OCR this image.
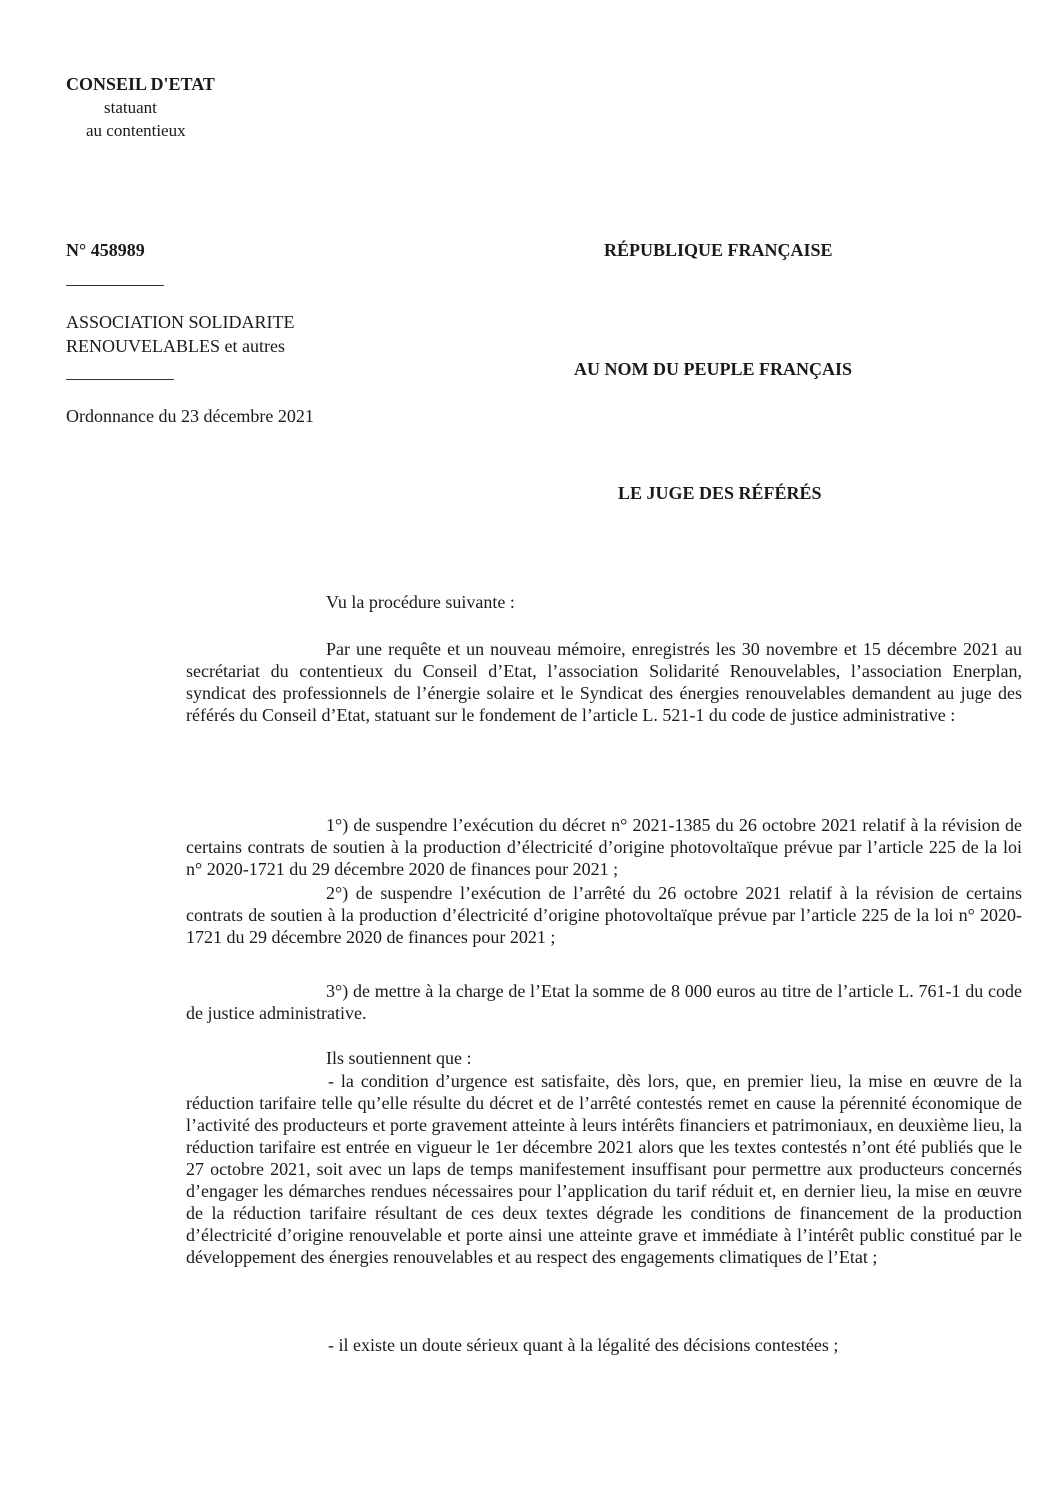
CONSEIL D'ETAT
statuant
au contentieux
N° 458989
ASSOCIATION SOLIDARITE
RENOUVELABLES et autres
Ordonnance du 23 décembre 2021
RÉPUBLIQUE FRANÇAISE
AU NOM DU PEUPLE FRANÇAIS
LE JUGE DES RÉFÉRÉS
Vu la procédure suivante :

Par une requête et un nouveau mémoire, enregistrés les 30 novembre et 15 décembre 2021 au secrétariat du contentieux du Conseil d’Etat, l’association Solidarité Renouvelables, l’association Enerplan, syndicat des professionnels de l’énergie solaire et le Syndicat des énergies renouvelables demandent au juge des référés du Conseil d’Etat, statuant sur le fondement de l’article L. 521-1 du code de justice administrative :

1°) de suspendre l’exécution du décret n° 2021-1385 du 26 octobre 2021 relatif à la révision de certains contrats de soutien à la production d’électricité d’origine photovoltaïque prévue par l’article 225 de la loi n° 2020-1721 du 29 décembre 2020 de finances pour 2021 ;

2°) de suspendre l’exécution de l’arrêté du 26 octobre 2021 relatif à la révision de certains contrats de soutien à la production d’électricité d’origine photovoltaïque prévue par l’article 225 de la loi n° 2020-1721 du 29 décembre 2020 de finances pour 2021 ;

3°) de mettre à la charge de l’Etat la somme de 8 000 euros au titre de l’article L. 761-1 du code de justice administrative.

Ils soutiennent que :

- la condition d’urgence est satisfaite, dès lors, que, en premier lieu, la mise en œuvre de la réduction tarifaire telle qu’elle résulte du décret et de l’arrêté contestés remet en cause la pérennité économique de l’activité des producteurs et porte gravement atteinte à leurs intérêts financiers et patrimoniaux, en deuxième lieu, la réduction tarifaire est entrée en vigueur le 1er décembre 2021 alors que les textes contestés n’ont été publiés que le 27 octobre 2021, soit avec un laps de temps manifestement insuffisant pour permettre aux producteurs concernés d’engager les démarches rendues nécessaires pour l’application du tarif réduit et, en dernier lieu, la mise en œuvre de la réduction tarifaire résultant de ces deux textes dégrade les conditions de financement de la production d’électricité d’origine renouvelable et porte ainsi une atteinte grave et immédiate à l’intérêt public constitué par le développement des énergies renouvelables et au respect des engagements climatiques de l’Etat ;

- il existe un doute sérieux quant à la légalité des décisions contestées ;
